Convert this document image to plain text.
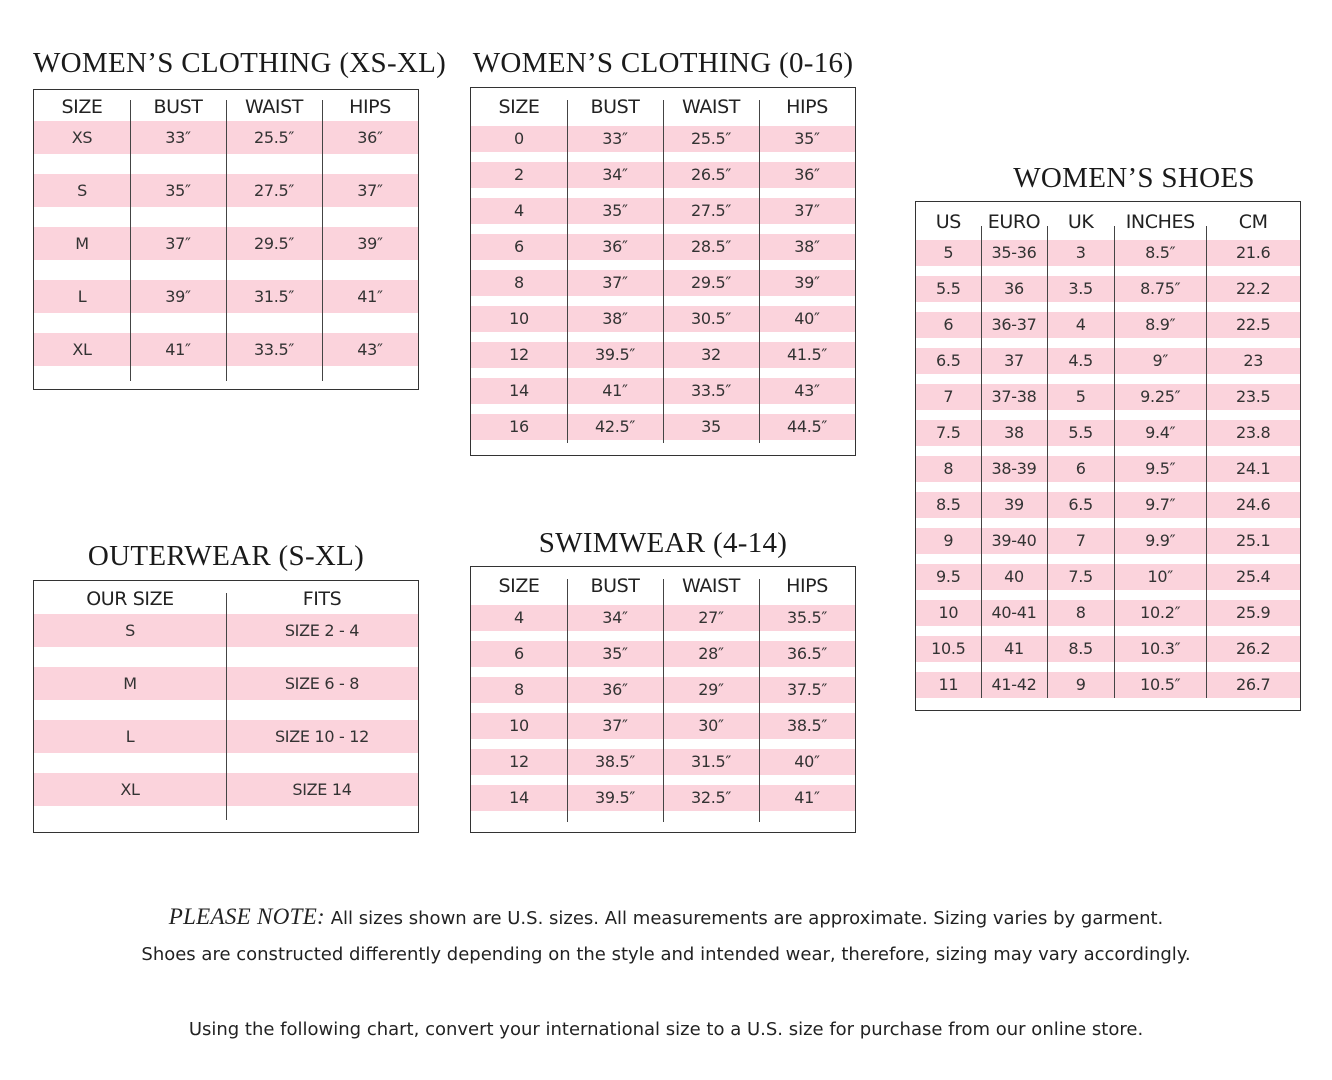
WOMEN’S CLOTHING (XS-XL) WOMEN’S CLOTHING (0-16)
WOMEN’S SHOES
OUTERWEAR (S-XL)	SWIMWEAR (4-14)
SIZE	BUST	WAIST	HIPS
XS	33″	25.5″	36″
S	35″	27.5″	37″
M	37″	29.5″	39″
L	39″	31.5″	41″
XL	41″	33.5″	43″
SIZE	BUST	WAIST	HIPS
0	33″	25.5″	35″
2	34″	26.5″	36″
4	35″	27.5″	37″
6	36″	28.5″	38″
8	37″	29.5″	39″
10	38″	30.5″	40″
12	39.5″	32	41.5″
14	41″	33.5″	43″
16	42.5″	35	44.5″
US	EURO	UK	INCHES	CM
5	35-36	3	8.5″	21.6
5.5	36	3.5	8.75″	22.2
6	36-37	4	8.9″	22.5
6.5	37	4.5	9″	23
7	37-38	5	9.25″	23.5
7.5	38	5.5	9.4″	23.8
8	38-39	6	9.5″	24.1
8.5	39	6.5	9.7″	24.6
9	39-40	7	9.9″	25.1
9.5	40	7.5	10″	25.4
10	40-41	8	10.2″	25.9
10.5	41	8.5	10.3″	26.2
11	41-42	9	10.5″	26.7
OUR SIZE	FITS
S	SIZE 2 - 4
M	SIZE 6 - 8
L	SIZE 10 - 12
XL	SIZE 14
SIZE	BUST	WAIST	HIPS
4	34″	27″	35.5″
6	35″	28″	36.5″
8	36″	29″	37.5″
10	37″	30″	38.5″
12	38.5″	31.5″	40″
14	39.5″	32.5″	41″
PLEASE NOTE: All sizes shown are U.S. sizes. All measurements are approximate. Sizing varies by garment.
Shoes are constructed differently depending on the style and intended wear, therefore, sizing may vary accordingly.
Using the following chart, convert your international size to a U.S. size for purchase from our online store.
